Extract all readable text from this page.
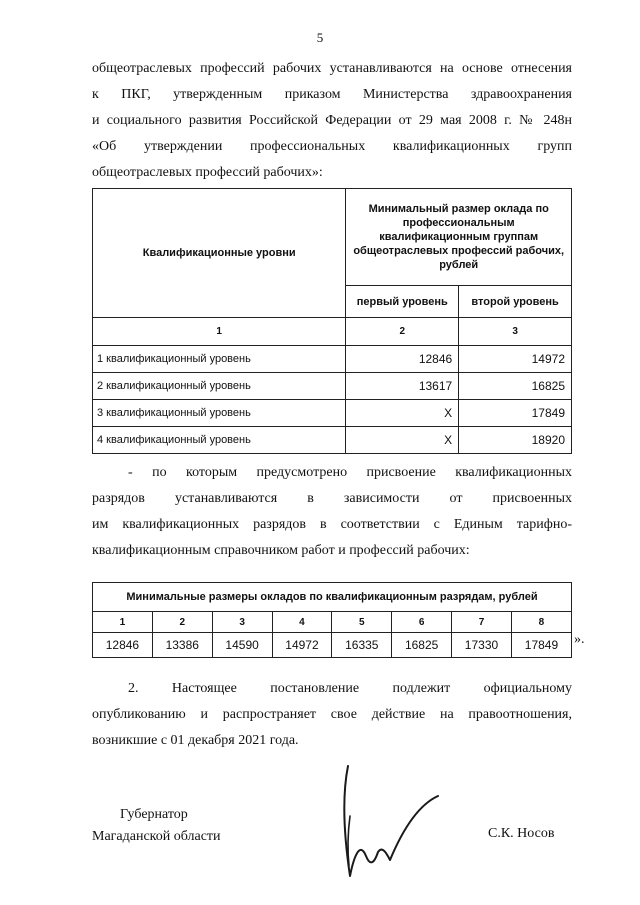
5
общеотраслевых профессий рабочих устанавливаются на основе отнесения
к ПКГ, утвержденным приказом Министерства здравоохранения
и социального развития Российской Федерации от 29 мая 2008 г. № 248н
«Об утверждении профессиональных квалификационных групп
общеотраслевых профессий рабочих»:
Квалификационные уровни	Минимальный размер оклада по профессиональным квалификационным группам общеотраслевых профессий рабочих, рублей	
	первый уровень	второй уровень
1	2	3
1 квалификационный уровень	12846	14972
2 квалификационный уровень	13617	16825
3 квалификационный уровень	X	17849
4 квалификационный уровень	X	18920
- по которым предусмотрено присвоение квалификационных
разрядов устанавливаются в зависимости от присвоенных
им квалификационных разрядов в соответствии с Единым тарифно-
квалификационным справочником работ и профессий рабочих:
Минимальные размеры окладов по квалификационным разрядам, рублей							
1	2	3	4	5	6	7	8
12846	13386	14590	14972	16335	16825	17330	17849 ».
2. Настоящее постановление подлежит официальному
опубликованию и распространяет свое действие на правоотношения,
возникшие с 01 декабря 2021 года.
Губернатор
Магаданской области	С.К. Носов
